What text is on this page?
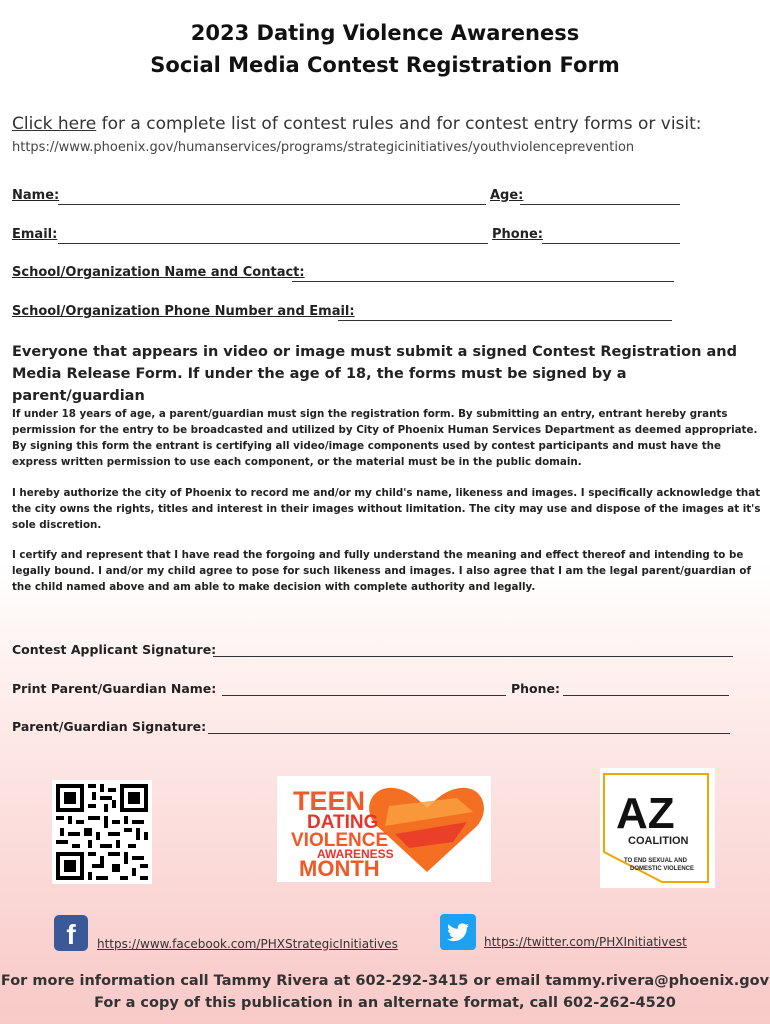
2023 Dating Violence Awareness
Social Media Contest Registration Form
Click here for a complete list of contest rules and for contest entry forms or visit:
https://www.phoenix.gov/humanservices/programs/strategicinitiatives/youthviolenceprevention
Name:	Age:
Email:	Phone:
School/Organization Name and Contact:
School/Organization Phone Number and Email:
Everyone that appears in video or image must submit a signed Contest Registration and Media Release Form. If under the age of 18, the forms must be signed by a parent/guardian
If under 18 years of age, a parent/guardian must sign the registration form. By submitting an entry, entrant hereby grants permission for the entry to be broadcasted and utilized by City of Phoenix Human Services Department as deemed appropriate. By signing this form the entrant is certifying all video/image components used by contest participants and must have the express written permission to use each component, or the material must be in the public domain.
I hereby authorize the city of Phoenix to record me and/or my child's name, likeness and images. I specifically acknowledge that the city owns the rights, titles and interest in their images without limitation. The city may use and dispose of the images at it's sole discretion.
I certify and represent that I have read the forgoing and fully understand the meaning and effect thereof and intending to be legally bound. I and/or my child agree to pose for such likeness and images. I also agree that I am the legal parent/guardian of the child named above and am able to make decision with complete authority and legally.
Contest Applicant Signature:
Print Parent/Guardian Name:	Phone:
Parent/Guardian Signature:
TEEN
DATING
VIOLENCE
AWARENESS
MONTH
AZ
COALITION
TO END SEXUAL AND
DOMESTIC VIOLENCE
f	https://www.facebook.com/PHXStrategicInitiatives	https://twitter.com/PHXInitiativest
For more information call Tammy Rivera at 602-292-3415 or email tammy.rivera@phoenix.gov
For a copy of this publication in an alternate format, call 602-262-4520
